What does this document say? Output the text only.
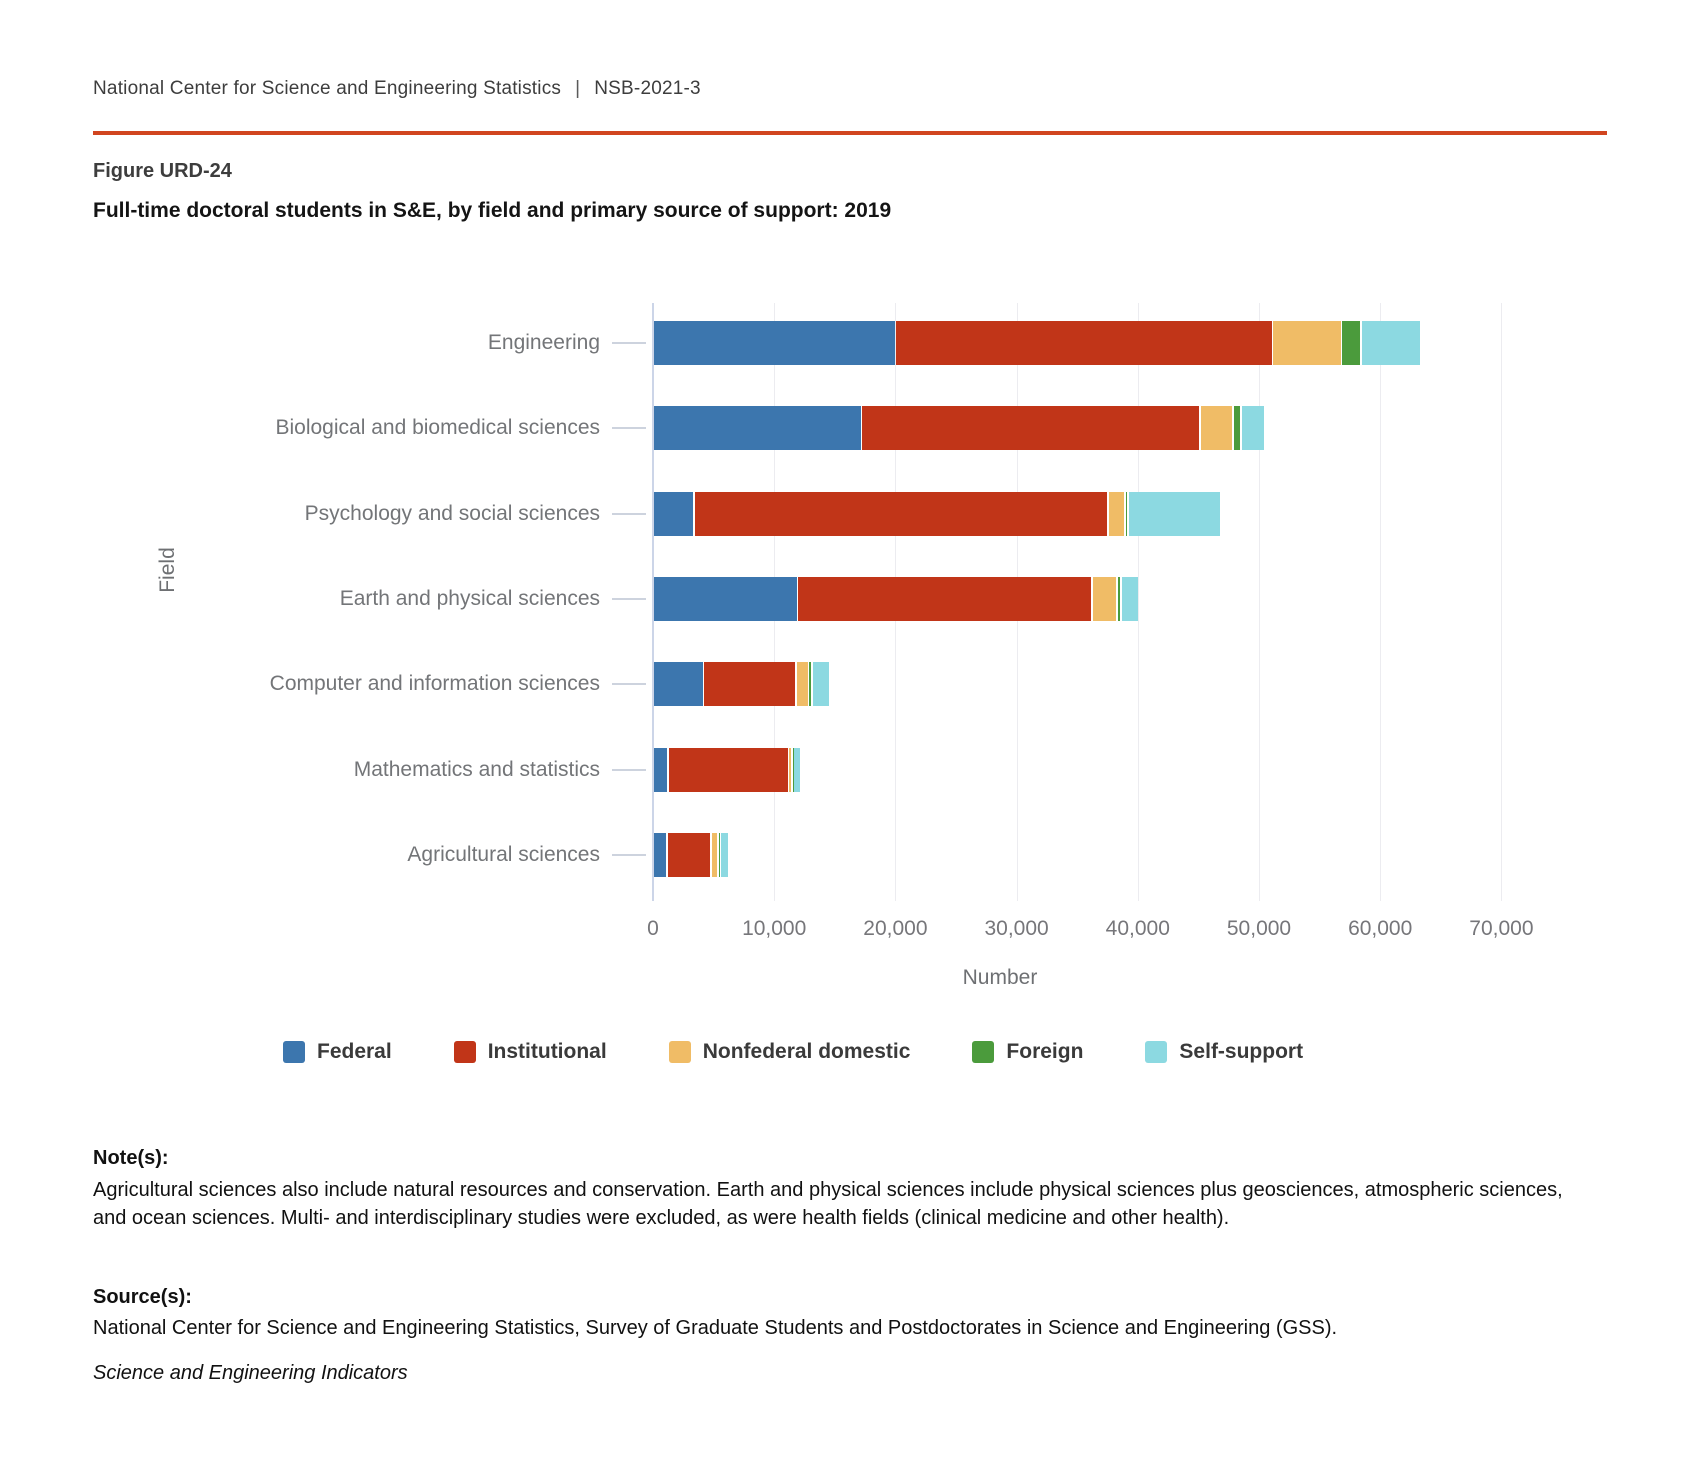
National Center for Science and Engineering Statistics | NSB-2021-3
Figure URD-24
Full-time doctoral students in S&E, by field and primary source of support: 2019
Field
Number
0	10,000	20,000	30,000	40,000	50,000	60,000	70,000
Engineering
Biological and biomedical sciences
Psychology and social sciences
Earth and physical sciences
Computer and information sciences
Mathematics and statistics
Agricultural sciences
Federal	Institutional	Nonfederal domestic	Foreign	Self-support
Note(s):
Agricultural sciences also include natural resources and conservation. Earth and physical sciences include physical sciences plus geosciences, atmospheric sciences, and ocean sciences. Multi- and interdisciplinary studies were excluded, as were health fields (clinical medicine and other health).
Source(s):
National Center for Science and Engineering Statistics, Survey of Graduate Students and Postdoctorates in Science and Engineering (GSS).
Science and Engineering Indicators
